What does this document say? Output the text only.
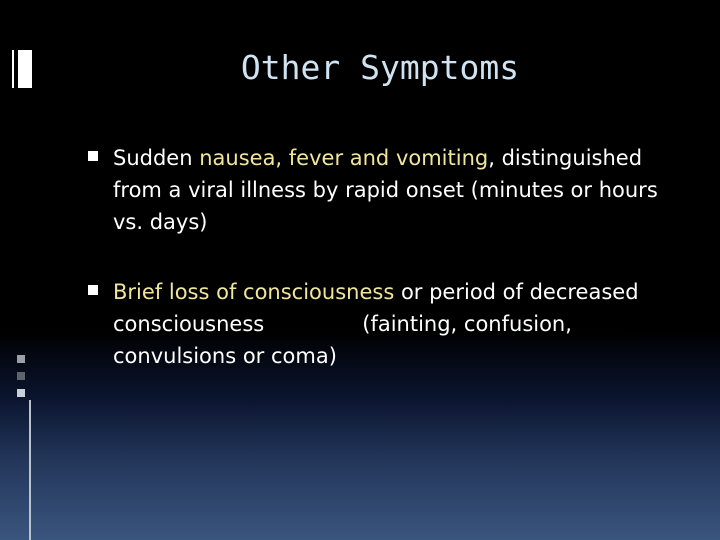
Other Symptoms
Sudden nausea, fever and vomiting, distinguished from a viral illness by rapid onset (minutes or hours vs. days)
Brief loss of consciousness or period of decreased consciousness	(fainting, confusion, convulsions or coma)
